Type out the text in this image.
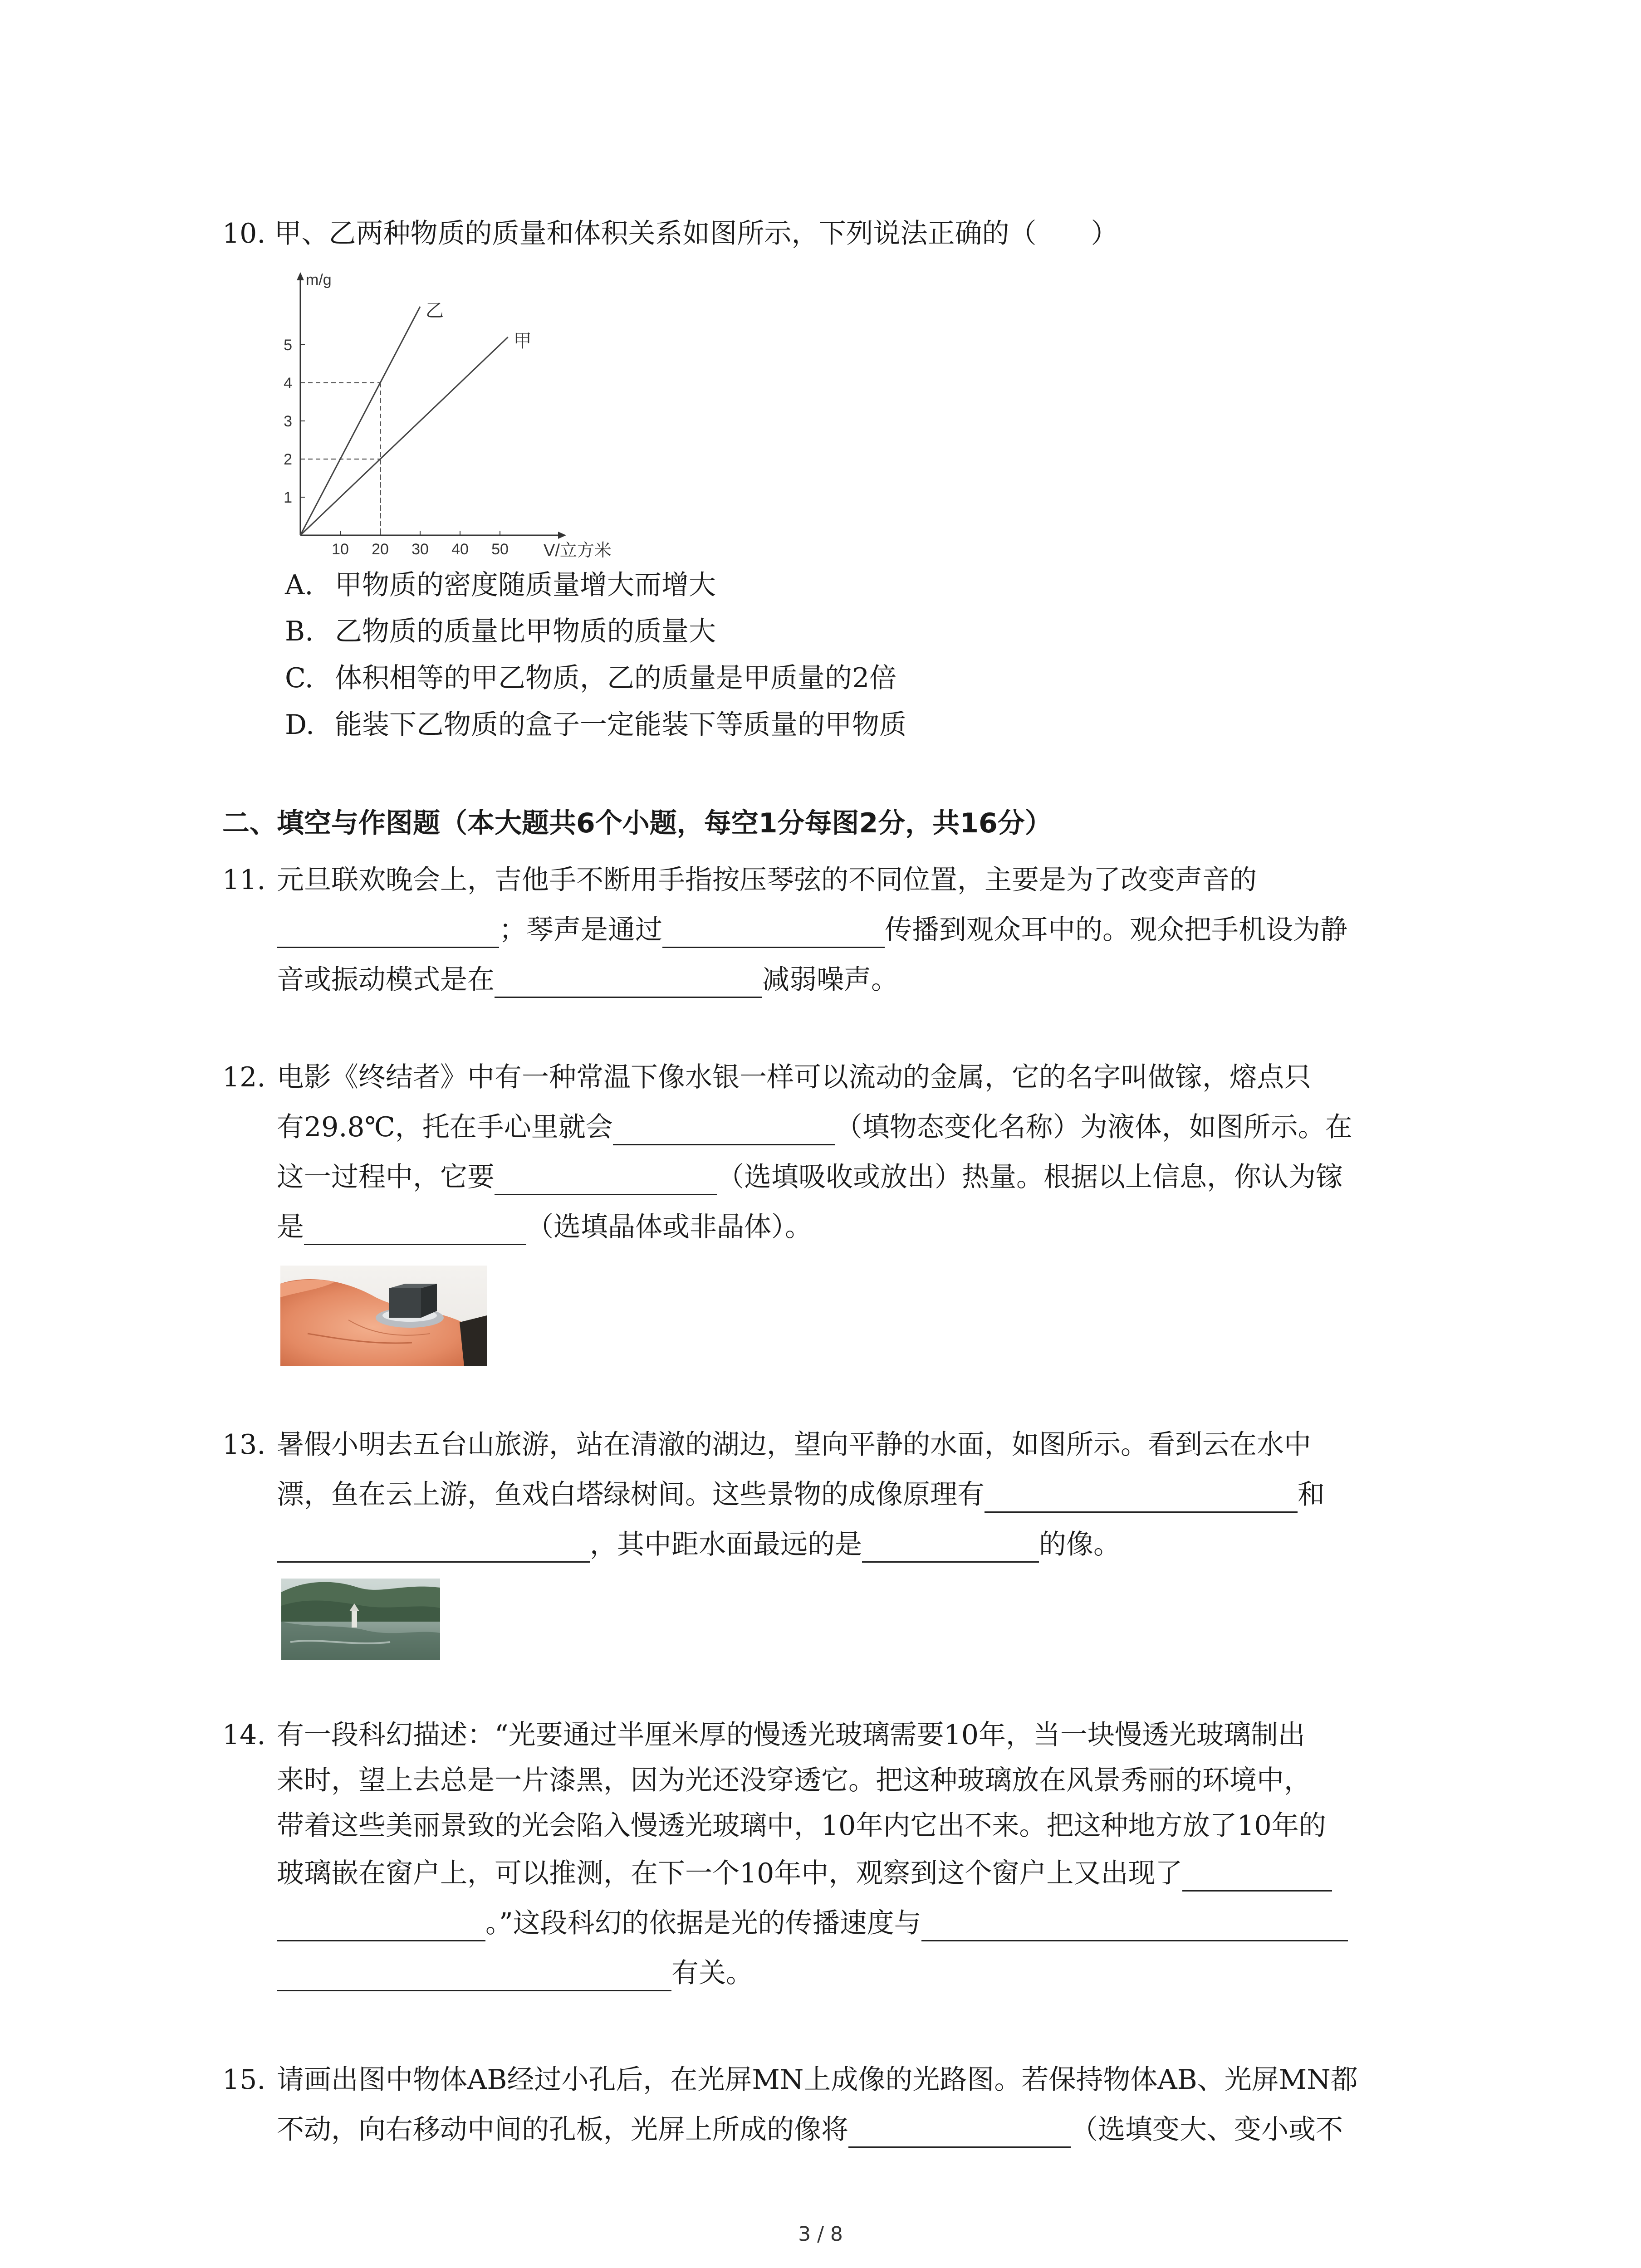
10. 甲、乙两种物质的质量和体积关系如图所示，下列说法正确的（　　）
m/g
V/立方米
10 20 30 40 50
1
2
3
4
5
乙
甲
A. 甲物质的密度随质量增大而增大
B. 乙物质的质量比甲物质的质量大
C. 体积相等的甲乙物质，乙的质量是甲质量的2倍
D. 能装下乙物质的盒子一定能装下等质量的甲物质
二、填空与作图题（本大题共6个小题，每空1分每图2分，共16分）
11. 元旦联欢晚会上，吉他手不断用手指按压琴弦的不同位置，主要是为了改变声音的
；琴声是通过	传播到观众耳中的。观众把手机设为静
音或振动模式是在	减弱噪声。
12. 电影《终结者》中有一种常温下像水银一样可以流动的金属，它的名字叫做镓，熔点只
有29.8℃，托在手心里就会	（填物态变化名称）为液体，如图所示。在
这一过程中，它要	（选填吸收或放出）热量。根据以上信息，你认为镓
是	（选填晶体或非晶体）。
13. 暑假小明去五台山旅游，站在清澈的湖边，望向平静的水面，如图所示。看到云在水中
漂，鱼在云上游，鱼戏白塔绿树间。这些景物的成像原理有	和
，其中距水面最远的是	的像。
14. 有一段科幻描述：“光要通过半厘米厚的慢透光玻璃需要10年，当一块慢透光玻璃制出
来时，望上去总是一片漆黑，因为光还没穿透它。把这种玻璃放在风景秀丽的环境中，
带着这些美丽景致的光会陷入慢透光玻璃中，10年内它出不来。把这种地方放了10年的
玻璃嵌在窗户上，可以推测，在下一个10年中，观察到这个窗户上又出现了
。”这段科幻的依据是光的传播速度与
有关。
15. 请画出图中物体AB经过小孔后，在光屏MN上成像的光路图。若保持物体AB、光屏MN都
不动，向右移动中间的孔板，光屏上所成的像将	（选填变大、变小或不
3 / 8
